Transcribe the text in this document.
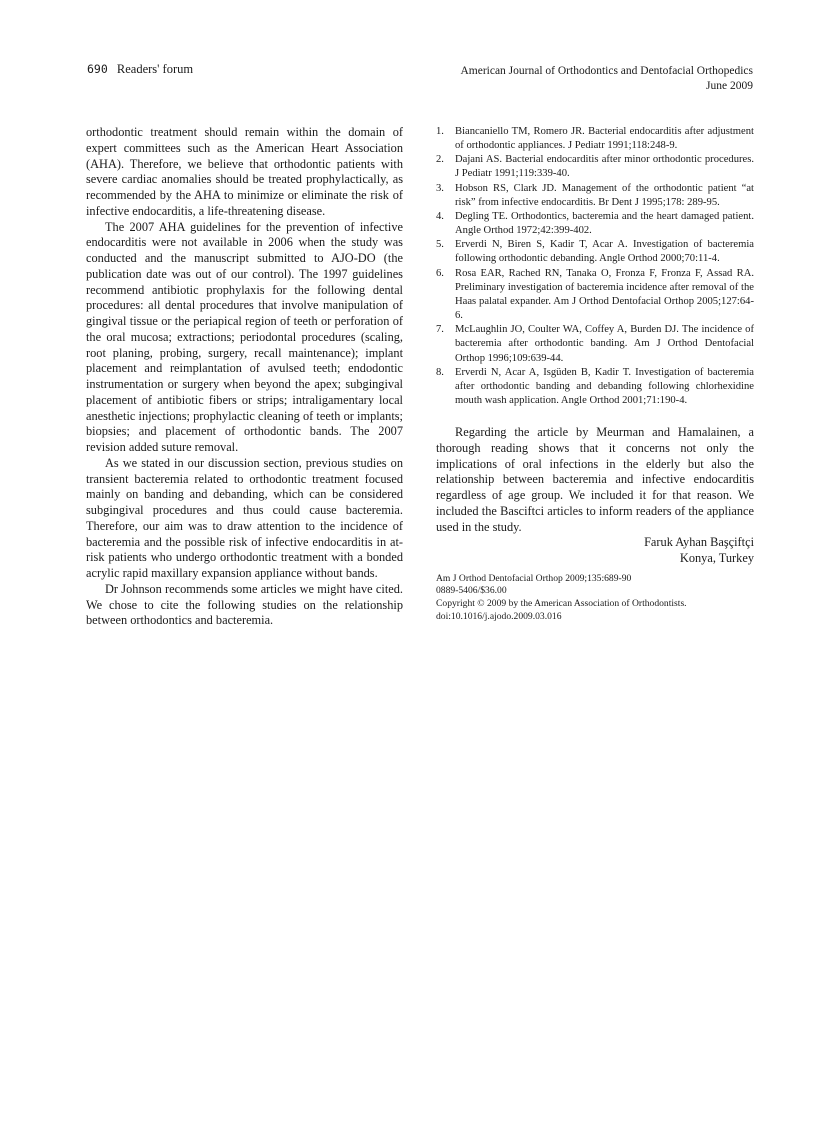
690 Readers' forum	American Journal of Orthodontics and Dentofacial Orthopedics
June 2009

orthodontic treatment should remain within the domain of expert committees such as the American Heart Association (AHA). Therefore, we believe that orthodontic patients with severe cardiac anomalies should be treated prophylactically, as recommended by the AHA to minimize or eliminate the risk of infective endocarditis, a life-threatening disease.

The 2007 AHA guidelines for the prevention of infective endocarditis were not available in 2006 when the study was conducted and the manuscript submitted to AJO-DO (the publication date was out of our control). The 1997 guidelines recommend antibiotic prophylaxis for the following dental procedures: all dental procedures that involve manipulation of gingival tissue or the periapical region of teeth or perforation of the oral mucosa; extractions; periodontal procedures (scaling, root planing, probing, surgery, recall maintenance); implant placement and reimplantation of avulsed teeth; endodontic instrumentation or surgery when beyond the apex; subgingival placement of antibiotic fibers or strips; intraligamentary local anesthetic injections; prophylactic cleaning of teeth or implants; biopsies; and placement of orthodontic bands. The 2007 revision added suture removal.

As we stated in our discussion section, previous studies on transient bacteremia related to orthodontic treatment focused mainly on banding and debanding, which can be considered subgingival procedures and thus could cause bacteremia. Therefore, our aim was to draw attention to the incidence of bacteremia and the possible risk of infective endocarditis in at-risk patients who undergo orthodontic treatment with a bonded acrylic rapid maxillary expansion appliance without bands.

Dr Johnson recommends some articles we might have cited. We chose to cite the following studies on the relationship between orthodontics and bacteremia.

1. Biancaniello TM, Romero JR. Bacterial endocarditis after adjustment of orthodontic appliances. J Pediatr 1991;118:248-9.
2. Dajani AS. Bacterial endocarditis after minor orthodontic procedures. J Pediatr 1991;119:339-40.
3. Hobson RS, Clark JD. Management of the orthodontic patient “at risk” from infective endocarditis. Br Dent J 1995;178: 289-95.
4. Degling TE. Orthodontics, bacteremia and the heart damaged patient. Angle Orthod 1972;42:399-402.
5. Erverdi N, Biren S, Kadir T, Acar A. Investigation of bacteremia following orthodontic debanding. Angle Orthod 2000;70:11-4.
6. Rosa EAR, Rached RN, Tanaka O, Fronza F, Fronza F, Assad RA. Preliminary investigation of bacteremia incidence after removal of the Haas palatal expander. Am J Orthod Dentofacial Orthop 2005;127:64-6.
7. McLaughlin JO, Coulter WA, Coffey A, Burden DJ. The incidence of bacteremia after orthodontic banding. Am J Orthod Dentofacial Orthop 1996;109:639-44.
8. Erverdi N, Acar A, Isgüden B, Kadir T. Investigation of bacteremia after orthodontic banding and debanding following chlorhexidine mouth wash application. Angle Orthod 2001;71:190-4.

Regarding the article by Meurman and Hamalainen, a thorough reading shows that it concerns not only the implications of oral infections in the elderly but also the relationship between bacteremia and infective endocarditis regardless of age group. We included it for that reason. We included the Basciftci articles to inform readers of the appliance used in the study.

Faruk Ayhan Başçiftçi
Konya, Turkey
Am J Orthod Dentofacial Orthop 2009;135:689-90
0889-5406/$36.00
Copyright © 2009 by the American Association of Orthodontists.
doi:10.1016/j.ajodo.2009.03.016
